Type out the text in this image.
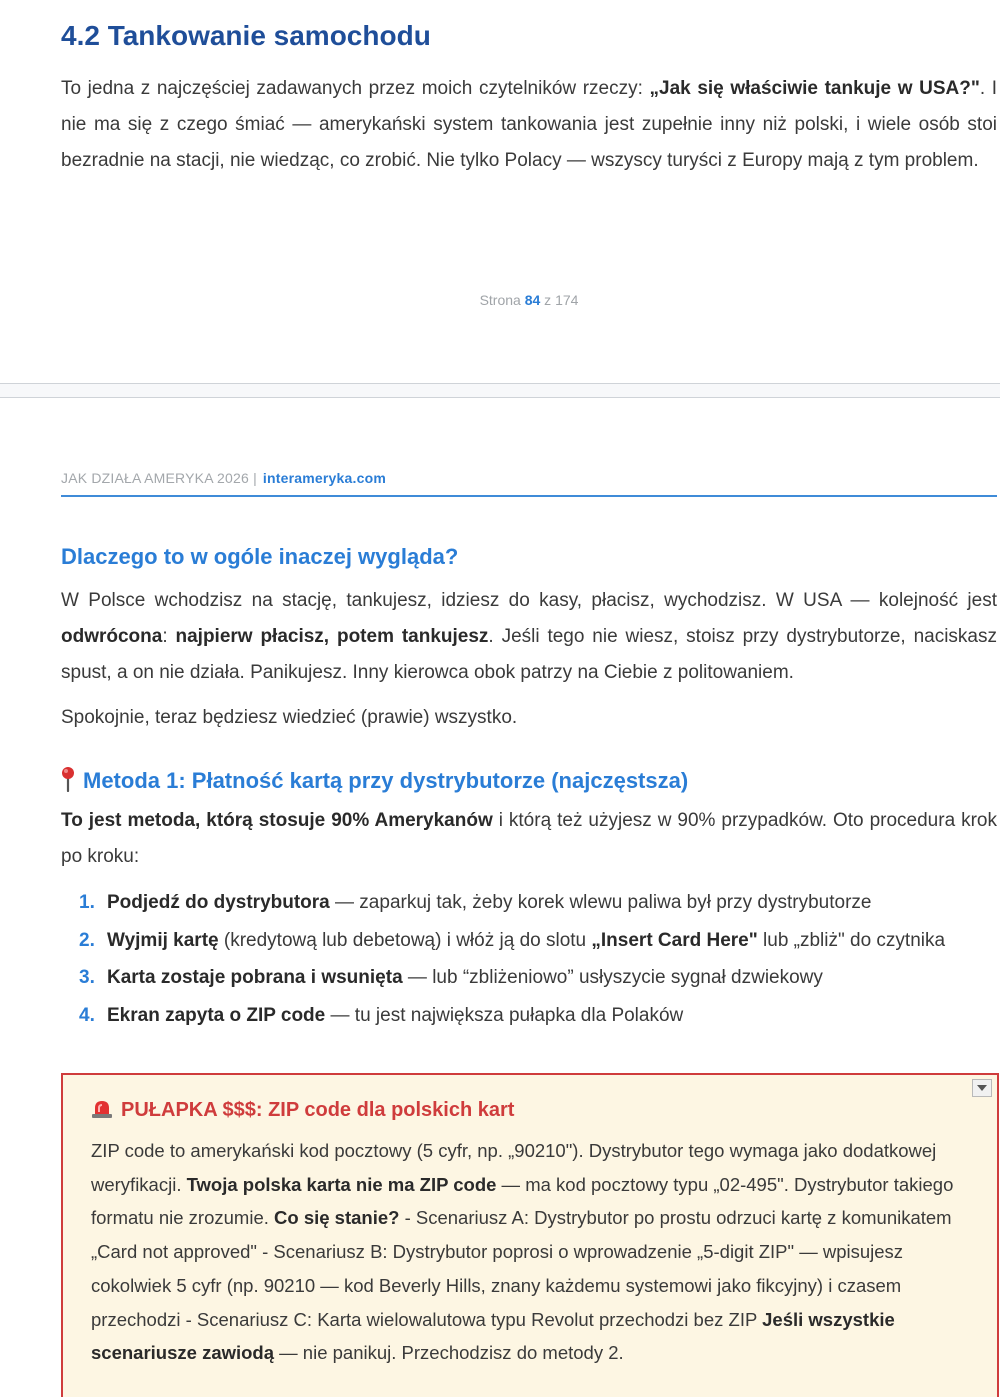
4.2 Tankowanie samochodu

To jedna z najczęściej zadawanych przez moich czytelników rzeczy: „Jak się właściwie tankuje w USA?". I nie ma się z czego śmiać — amerykański system tankowania jest zupełnie inny niż polski, i wiele osób stoi bezradnie na stacji, nie wiedząc, co zrobić. Nie tylko Polacy — wszyscy turyści z Europy mają z tym problem.

Strona 84 z 174
JAK DZIAŁA AMERYKA 2026 | interameryka.com
Dlaczego to w ogóle inaczej wygląda?

W Polsce wchodzisz na stację, tankujesz, idziesz do kasy, płacisz, wychodzisz. W USA — kolejność jest odwrócona: najpierw płacisz, potem tankujesz. Jeśli tego nie wiesz, stoisz przy dystrybutorze, naciskasz spust, a on nie działa. Panikujesz. Inny kierowca obok patrzy na Ciebie z politowaniem.

Spokojnie, teraz będziesz wiedzieć (prawie) wszystko.

Metoda 1: Płatność kartą przy dystrybutorze (najczęstsza)

To jest metoda, którą stosuje 90% Amerykanów i którą też użyjesz w 90% przypadków. Oto procedura krok po kroku:

1. Podjedź do dystrybutora — zaparkuj tak, żeby korek wlewu paliwa był przy dystrybutorze
2. Wyjmij kartę (kredytową lub debetową) i włóż ją do slotu „Insert Card Here" lub „zbliż" do czytnika
3. Karta zostaje pobrana i wsunięta — lub “zbliżeniowo” usłyszycie sygnał dzwiekowy
4. Ekran zapyta o ZIP code — tu jest największa pułapka dla Polaków
PUŁAPKA $$$: ZIP code dla polskich kart

ZIP code to amerykański kod pocztowy (5 cyfr, np. „90210"). Dystrybutor tego wymaga jako dodatkowej weryfikacji. Twoja polska karta nie ma ZIP code — ma kod pocztowy typu „02-495". Dystrybutor takiego formatu nie zrozumie. Co się stanie? - Scenariusz A: Dystrybutor po prostu odrzuci kartę z komunikatem „Card not approved" - Scenariusz B: Dystrybutor poprosi o wprowadzenie „5-digit ZIP" — wpisujesz cokolwiek 5 cyfr (np. 90210 — kod Beverly Hills, znany każdemu systemowi jako fikcyjny) i czasem przechodzi - Scenariusz C: Karta wielowalutowa typu Revolut przechodzi bez ZIP Jeśli wszystkie scenariusze zawiodą — nie panikuj. Przechodzisz do metody 2.
